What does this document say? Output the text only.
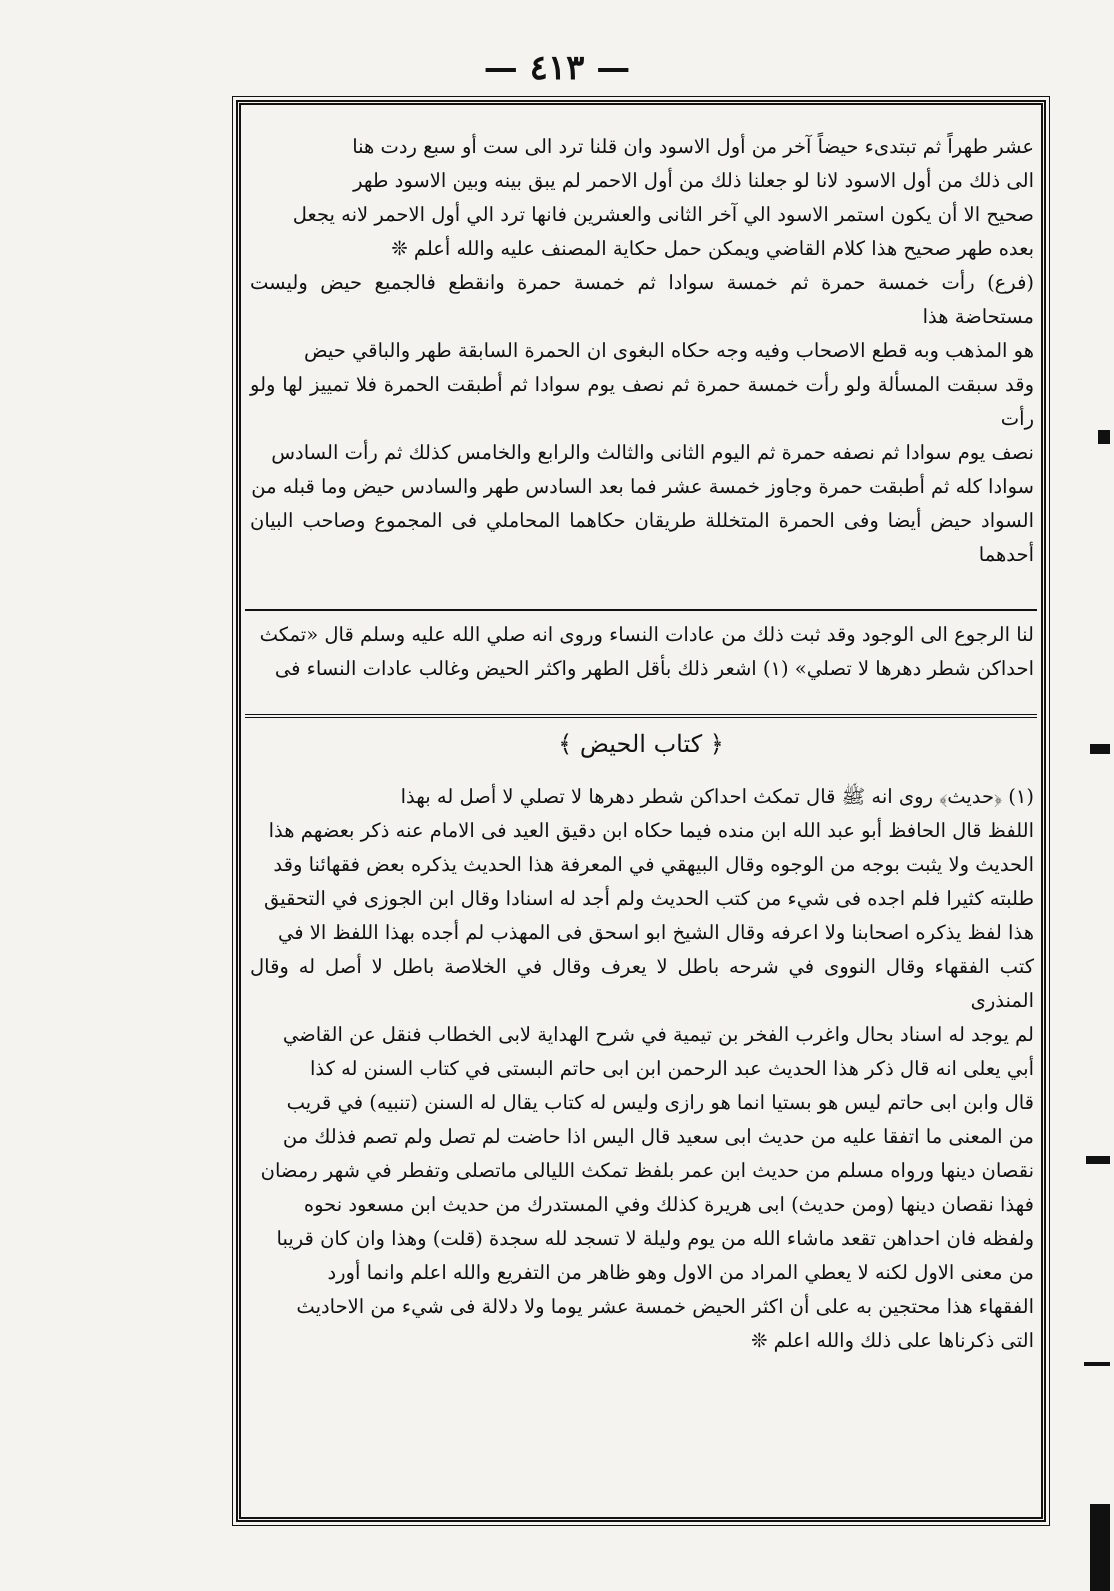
— ٤١٣ —

عشر طهراً ثم تبتدىء حيضاً آخر من أول الاسود وان قلنا ترد الى ست أو سبع ردت هنا

الى ذلك من أول الاسود لانا لو جعلنا ذلك من أول الاحمر لم يبق بينه وبين الاسود طهر

صحيح الا أن يكون استمر الاسود الي آخر الثانى والعشرين فانها ترد الي أول الاحمر لانه يجعل

بعده طهر صحيح هذا كلام القاضي ويمكن حمل حكاية المصنف عليه والله أعلم ❊

(فرع) رأت خمسة حمرة ثم خمسة سوادا ثم خمسة حمرة وانقطع فالجميع حيض وليست مستحاضة هذا

هو المذهب وبه قطع الاصحاب وفيه وجه حكاه البغوى ان الحمرة السابقة طهر والباقي حيض

وقد سبقت المسألة ولو رأت خمسة حمرة ثم نصف يوم سوادا ثم أطبقت الحمرة فلا تمييز لها ولو رأت

نصف يوم سوادا ثم نصفه حمرة ثم اليوم الثانى والثالث والرابع والخامس كذلك ثم رأت السادس

سوادا كله ثم أطبقت حمرة وجاوز خمسة عشر فما بعد السادس طهر والسادس حيض وما قبله من

السواد حيض أيضا وفى الحمرة المتخللة طريقان حكاهما المحاملي فى المجموع وصاحب البيان أحدهما

لنا الرجوع الى الوجود وقد ثبت ذلك من عادات النساء وروى انه صلي الله عليه وسلم قال «تمكث

احداكن شطر دهرها لا تصلي» (١) اشعر ذلك بأقل الطهر واكثر الحيض وغالب عادات النساء فى

﴿ كتاب الحيض ﴾

(١) ﴿حديث﴾ روى انه ﷺ قال تمكث احداكن شطر دهرها لا تصلي لا أصل له بهذا

اللفظ قال الحافظ أبو عبد الله ابن منده فيما حكاه ابن دقيق العيد فى الامام عنه ذكر بعضهم هذا

الحديث ولا يثبت بوجه من الوجوه وقال البيهقي في المعرفة هذا الحديث يذكره بعض فقهائنا وقد

طلبته كثيرا فلم اجده فى شيء من كتب الحديث ولم أجد له اسنادا وقال ابن الجوزى في التحقيق

هذا لفظ يذكره اصحابنا ولا اعرفه وقال الشيخ ابو اسحق فى المهذب لم أجده بهذا اللفظ الا في

كتب الفقهاء وقال النووى في شرحه باطل لا يعرف وقال في الخلاصة باطل لا أصل له وقال المنذرى

لم يوجد له اسناد بحال واغرب الفخر بن تيمية في شرح الهداية لابى الخطاب فنقل عن القاضي

أبي يعلى انه قال ذكر هذا الحديث عبد الرحمن ابن ابى حاتم البستى في كتاب السنن له كذا

قال وابن ابى حاتم ليس هو بستيا انما هو رازى وليس له كتاب يقال له السنن (تنبيه) في قريب

من المعنى ما اتفقا عليه من حديث ابى سعيد قال اليس اذا حاضت لم تصل ولم تصم فذلك من

نقصان دينها ورواه مسلم من حديث ابن عمر بلفظ تمكث الليالى ماتصلى وتفطر في شهر رمضان

فهذا نقصان دينها (ومن حديث) ابى هريرة كذلك وفي المستدرك من حديث ابن مسعود نحوه

ولفظه فان احداهن تقعد ماشاء الله من يوم وليلة لا تسجد لله سجدة (قلت) وهذا وان كان قريبا

من معنى الاول لكنه لا يعطي المراد من الاول وهو ظاهر من التفريع والله اعلم وانما أورد

الفقهاء هذا محتجين به على أن اكثر الحيض خمسة عشر يوما ولا دلالة فى شيء من الاحاديث

التى ذكرناها على ذلك والله اعلم ❊
